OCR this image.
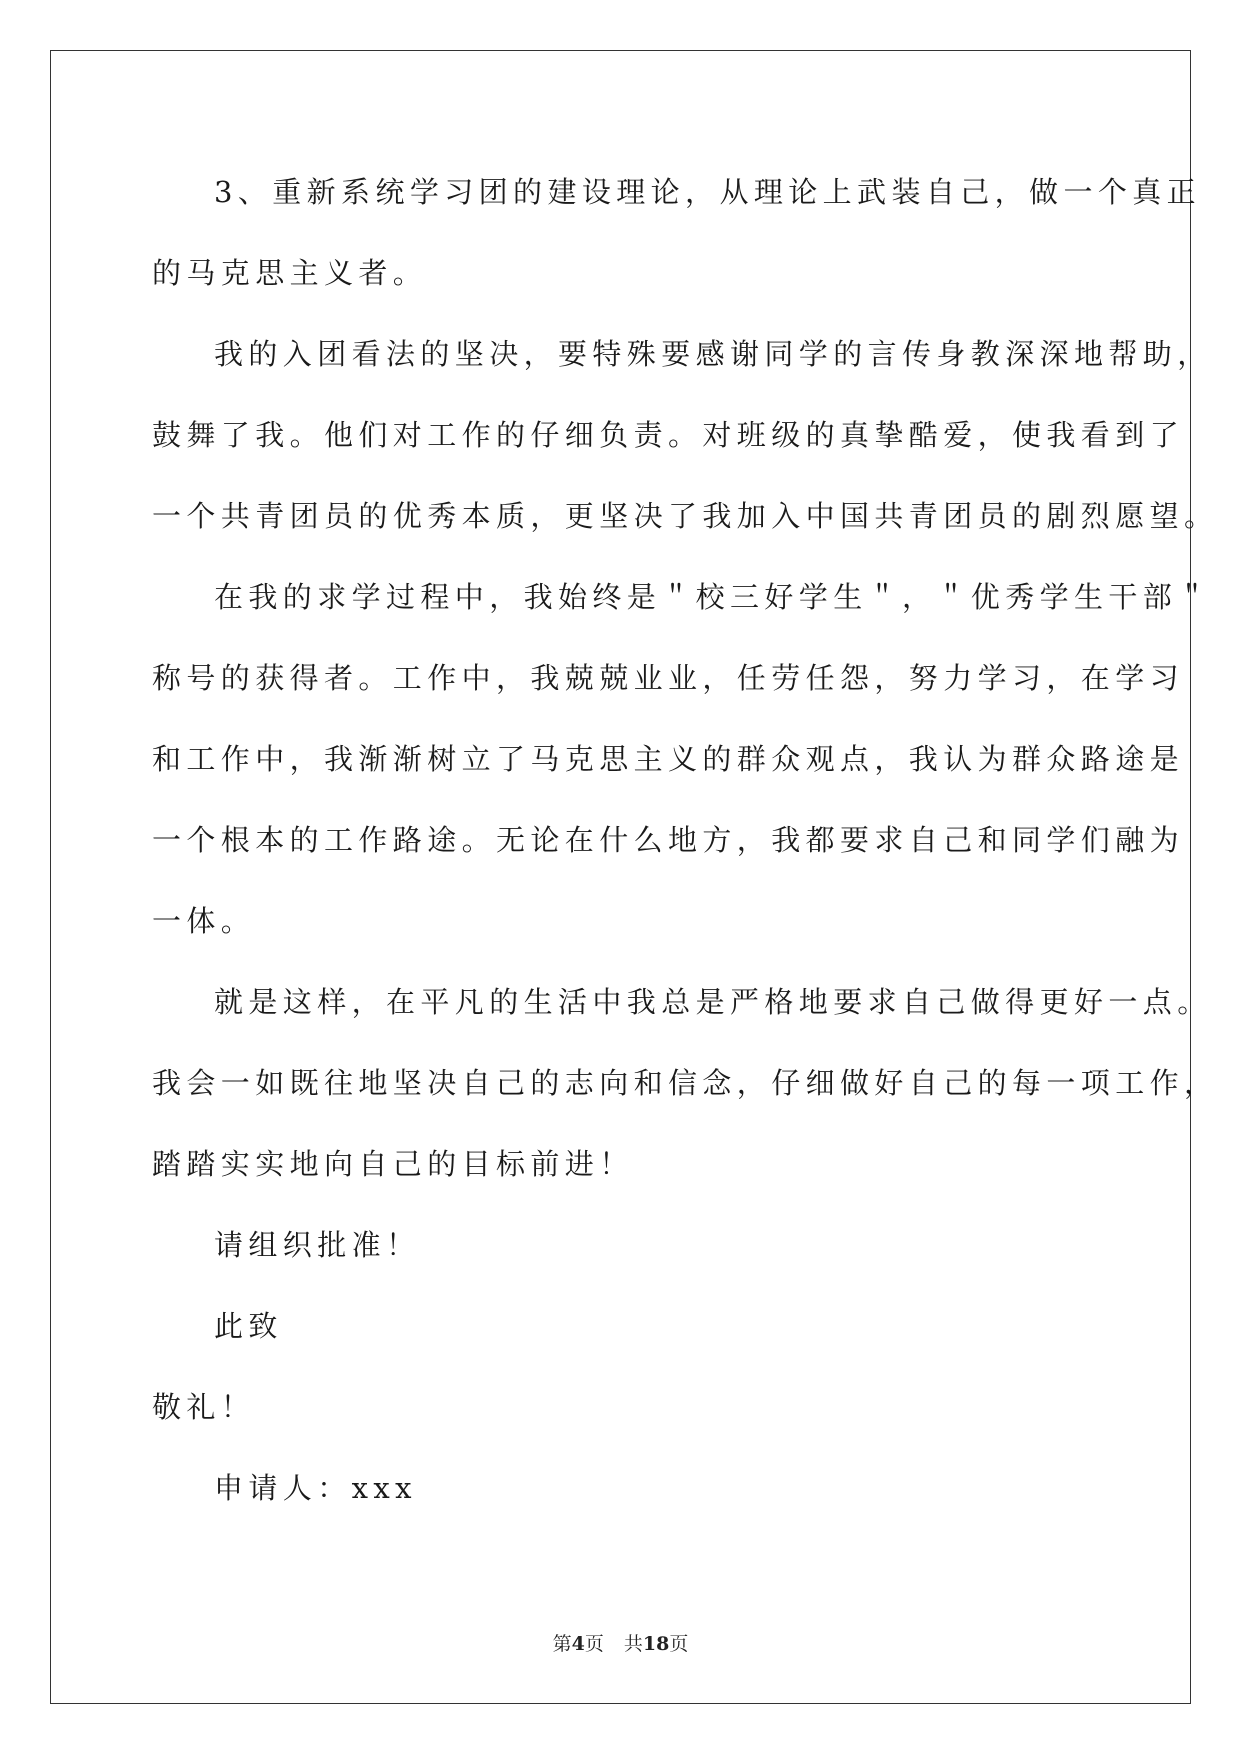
3、重新系统学习团的建设理论，从理论上武装自己，做一个真正
的马克思主义者。
我的入团看法的坚决，要特殊要感谢同学的言传身教深深地帮助，
鼓舞了我。他们对工作的仔细负责。对班级的真挚酷爱，使我看到了
一个共青团员的优秀本质，更坚决了我加入中国共青团员的剧烈愿望。
在我的求学过程中，我始终是＂校三好学生＂，＂优秀学生干部＂
称号的获得者。工作中，我兢兢业业，任劳任怨，努力学习，在学习
和工作中，我渐渐树立了马克思主义的群众观点，我认为群众路途是
一个根本的工作路途。无论在什么地方，我都要求自己和同学们融为
一体。
就是这样，在平凡的生活中我总是严格地要求自己做得更好一点。
我会一如既往地坚决自己的志向和信念，仔细做好自己的每一项工作，
踏踏实实地向自己的目标前进！
请组织批准！
此致
敬礼！
申请人：xxx
第4页 共18页
